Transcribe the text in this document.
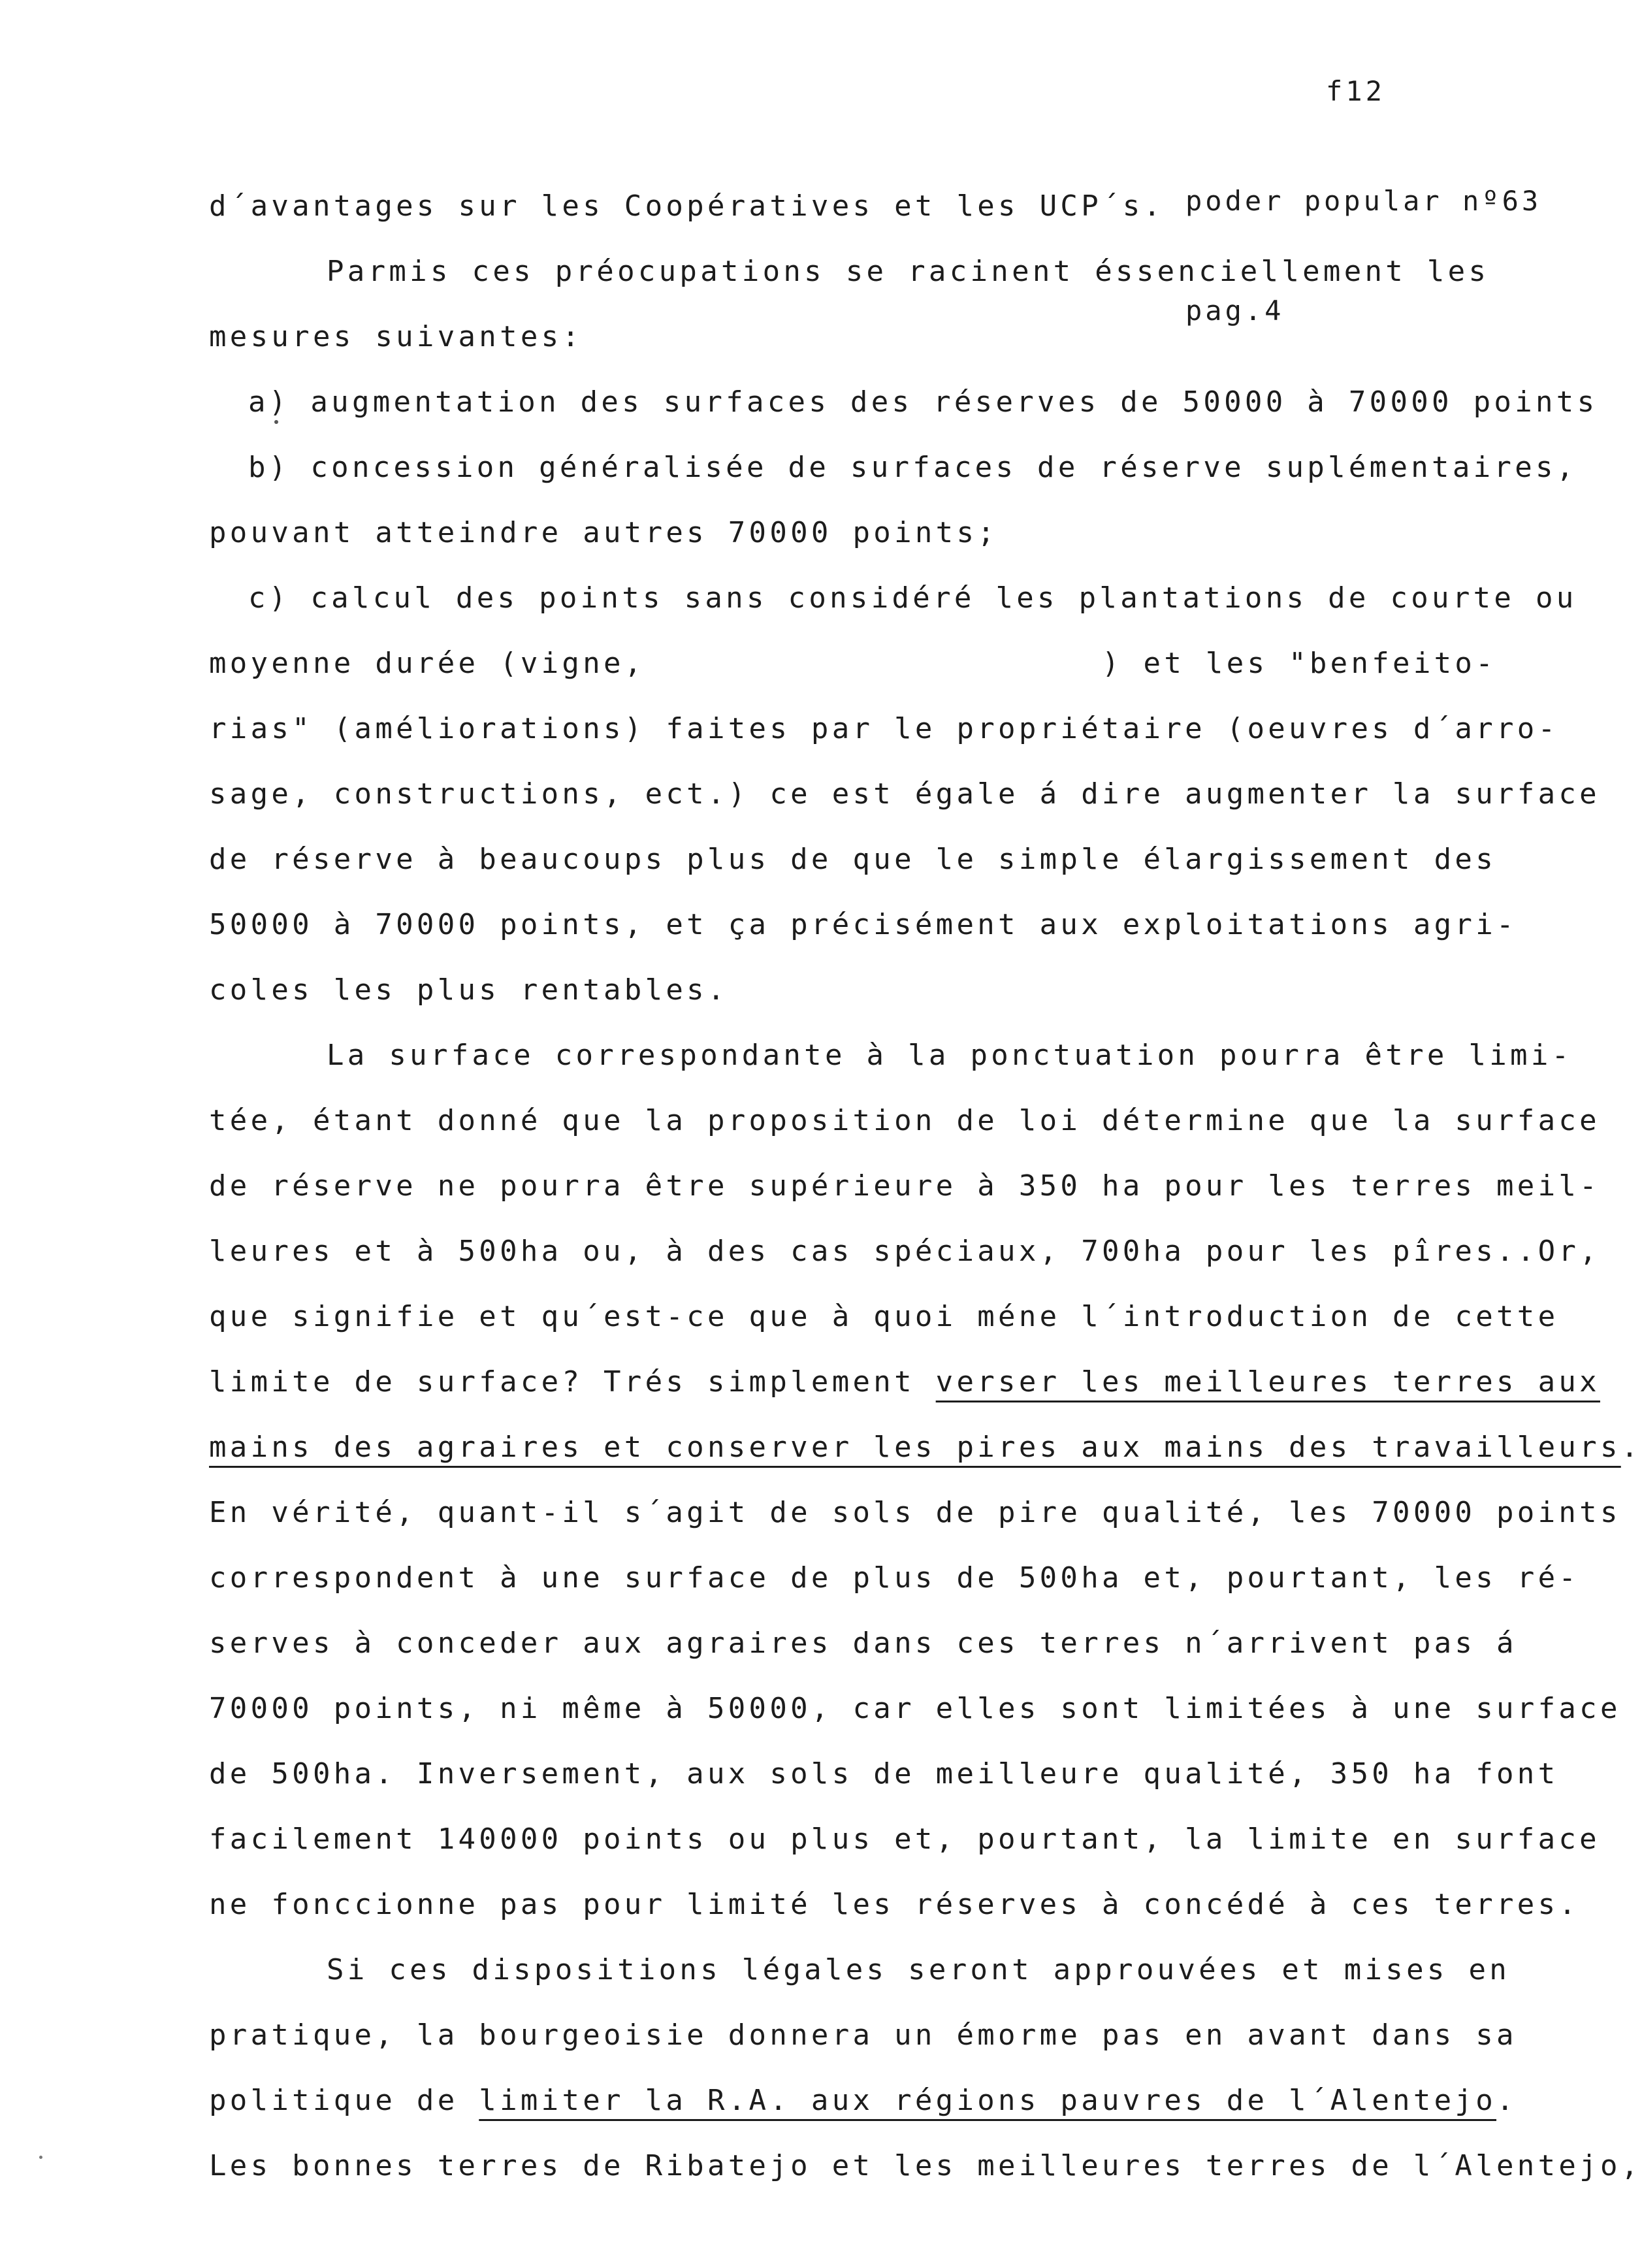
f12

poder popular nº63

pag.4

d´avantages sur les Coopératives et les UCP´s.
Parmis ces préocupations se racinent éssenciellement les
mesures suivantes:
a) augmentation des surfaces des réserves de 50000 à 70000 points
b) concession généralisée de surfaces de réserve suplémentaires,
pouvant atteindre autres 70000 points;
c) calcul des points sans considéré les plantations de courte ou
moyenne durée (vigne,                      ) et les "benfeito-
rias" (améliorations) faites par le propriétaire (oeuvres d´arro-
sage, constructions, ect.) ce est égale á dire augmenter la surface
de réserve à beaucoups plus de que le simple élargissement des
50000 à 70000 points, et ça précisément aux exploitations agri-
coles les plus rentables.
La surface correspondante à la ponctuation pourra être limi-
tée, étant donné que la proposition de loi détermine que la surface
de réserve ne pourra être supérieure à 350 ha pour les terres meil-
leures et à 500ha ou, à des cas spéciaux, 700ha pour les pîres..Or,
que signifie et qu´est-ce que à quoi méne l´introduction de cette
limite de surface? Trés simplement verser les meilleures terres aux
mains des agraires et conserver les pires aux mains des travailleurs.
En vérité, quant-il s´agit de sols de pire qualité, les 70000 points
correspondent à une surface de plus de 500ha et, pourtant, les ré-
serves à conceder aux agraires dans ces terres n´arrivent pas á
70000 points, ni même à 50000, car elles sont limitées à une surface
de 500ha. Inversement, aux sols de meilleure qualité, 350 ha font
facilement 140000 points ou plus et, pourtant, la limite en surface
ne fonccionne pas pour limité les réserves à concédé à ces terres.
Si ces dispositions légales seront approuvées et mises en
pratique, la bourgeoisie donnera un émorme pas en avant dans sa
politique de limiter la R.A. aux régions pauvres de l´Alentejo.
Les bonnes terres de Ribatejo et les meilleures terres de l´Alentejo,
